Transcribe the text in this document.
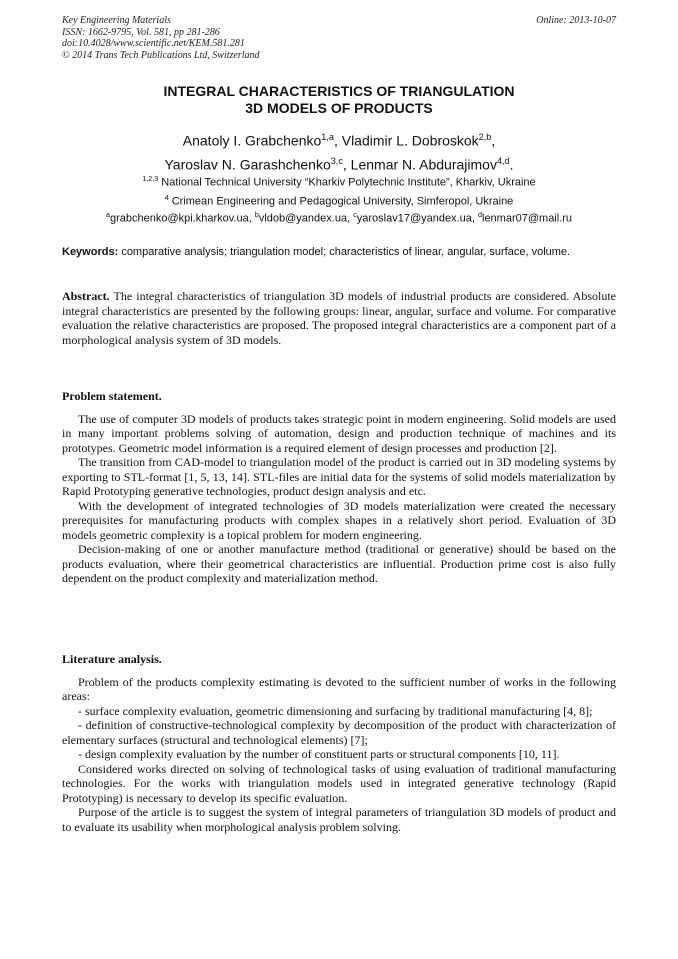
Key Engineering Materials
ISSN: 1662-9795, Vol. 581, pp 281-286
doi:10.4028/www.scientific.net/KEM.581.281
© 2014 Trans Tech Publications Ltd, Switzerland
Online: 2013-10-07
INTEGRAL CHARACTERISTICS OF TRIANGULATION
3D MODELS OF PRODUCTS
Anatoly I. Grabchenko$^{1,a}$, Vladimir L. Dobroskok$^{2,b}$,
Yaroslav N. Garashchenko$^{3,c}$, Lenmar N. Abdurajimov$^{4,d}$.
$^{1,2,3}$ National Technical University “Kharkiv Polytechnic Institute”, Kharkiv, Ukraine
$^4$ Crimean Engineering and Pedagogical University, Simferopol, Ukraine
$^a$grabchenko@kpi.kharkov.ua, $^b$vldob@yandex.ua, $^c$yaroslav17@yandex.ua, $^d$lenmar07@mail.ru
Keywords: comparative analysis; triangulation model; characteristics of linear, angular, surface, volume.
Abstract. The integral characteristics of triangulation 3D models of industrial products are considered. Absolute integral characteristics are presented by the following groups: linear, angular, surface and volume. For comparative evaluation the relative characteristics are proposed. The proposed integral characteristics are a component part of a morphological analysis system of 3D models.
Problem statement.

The use of computer 3D models of products takes strategic point in modern engineering. Solid models are used in many important problems solving of automation, design and production technique of machines and its prototypes. Geometric model information is a required element of design processes and production [2].

The transition from CAD-model to triangulation model of the product is carried out in 3D modeling systems by exporting to STL-format [1, 5, 13, 14]. STL-files are initial data for the systems of solid models materialization by Rapid Prototyping generative technologies, product design analysis and etc.

With the development of integrated technologies of 3D models materialization were created the necessary prerequisites for manufacturing products with complex shapes in a relatively short period. Evaluation of 3D models geometric complexity is a topical problem for modern engineering.

Decision-making of one or another manufacture method (traditional or generative) should be based on the products evaluation, where their geometrical characteristics are influential. Production prime cost is also fully dependent on the product complexity and materialization method.

Literature analysis.

Problem of the products complexity estimating is devoted to the sufficient number of works in the following areas:

- surface complexity evaluation, geometric dimensioning and surfacing by traditional manufacturing [4, 8];

- definition of constructive-technological complexity by decomposition of the product with characterization of elementary surfaces (structural and technological elements) [7];

- design complexity evaluation by the number of constituent parts or structural components [10, 11].

Considered works directed on solving of technological tasks of using evaluation of traditional manufacturing technologies. For the works with triangulation models used in integrated generative technology (Rapid Prototyping) is necessary to develop its specific evaluation.

Purpose of the article is to suggest the system of integral parameters of triangulation 3D models of product and to evaluate its usability when morphological analysis problem solving.
